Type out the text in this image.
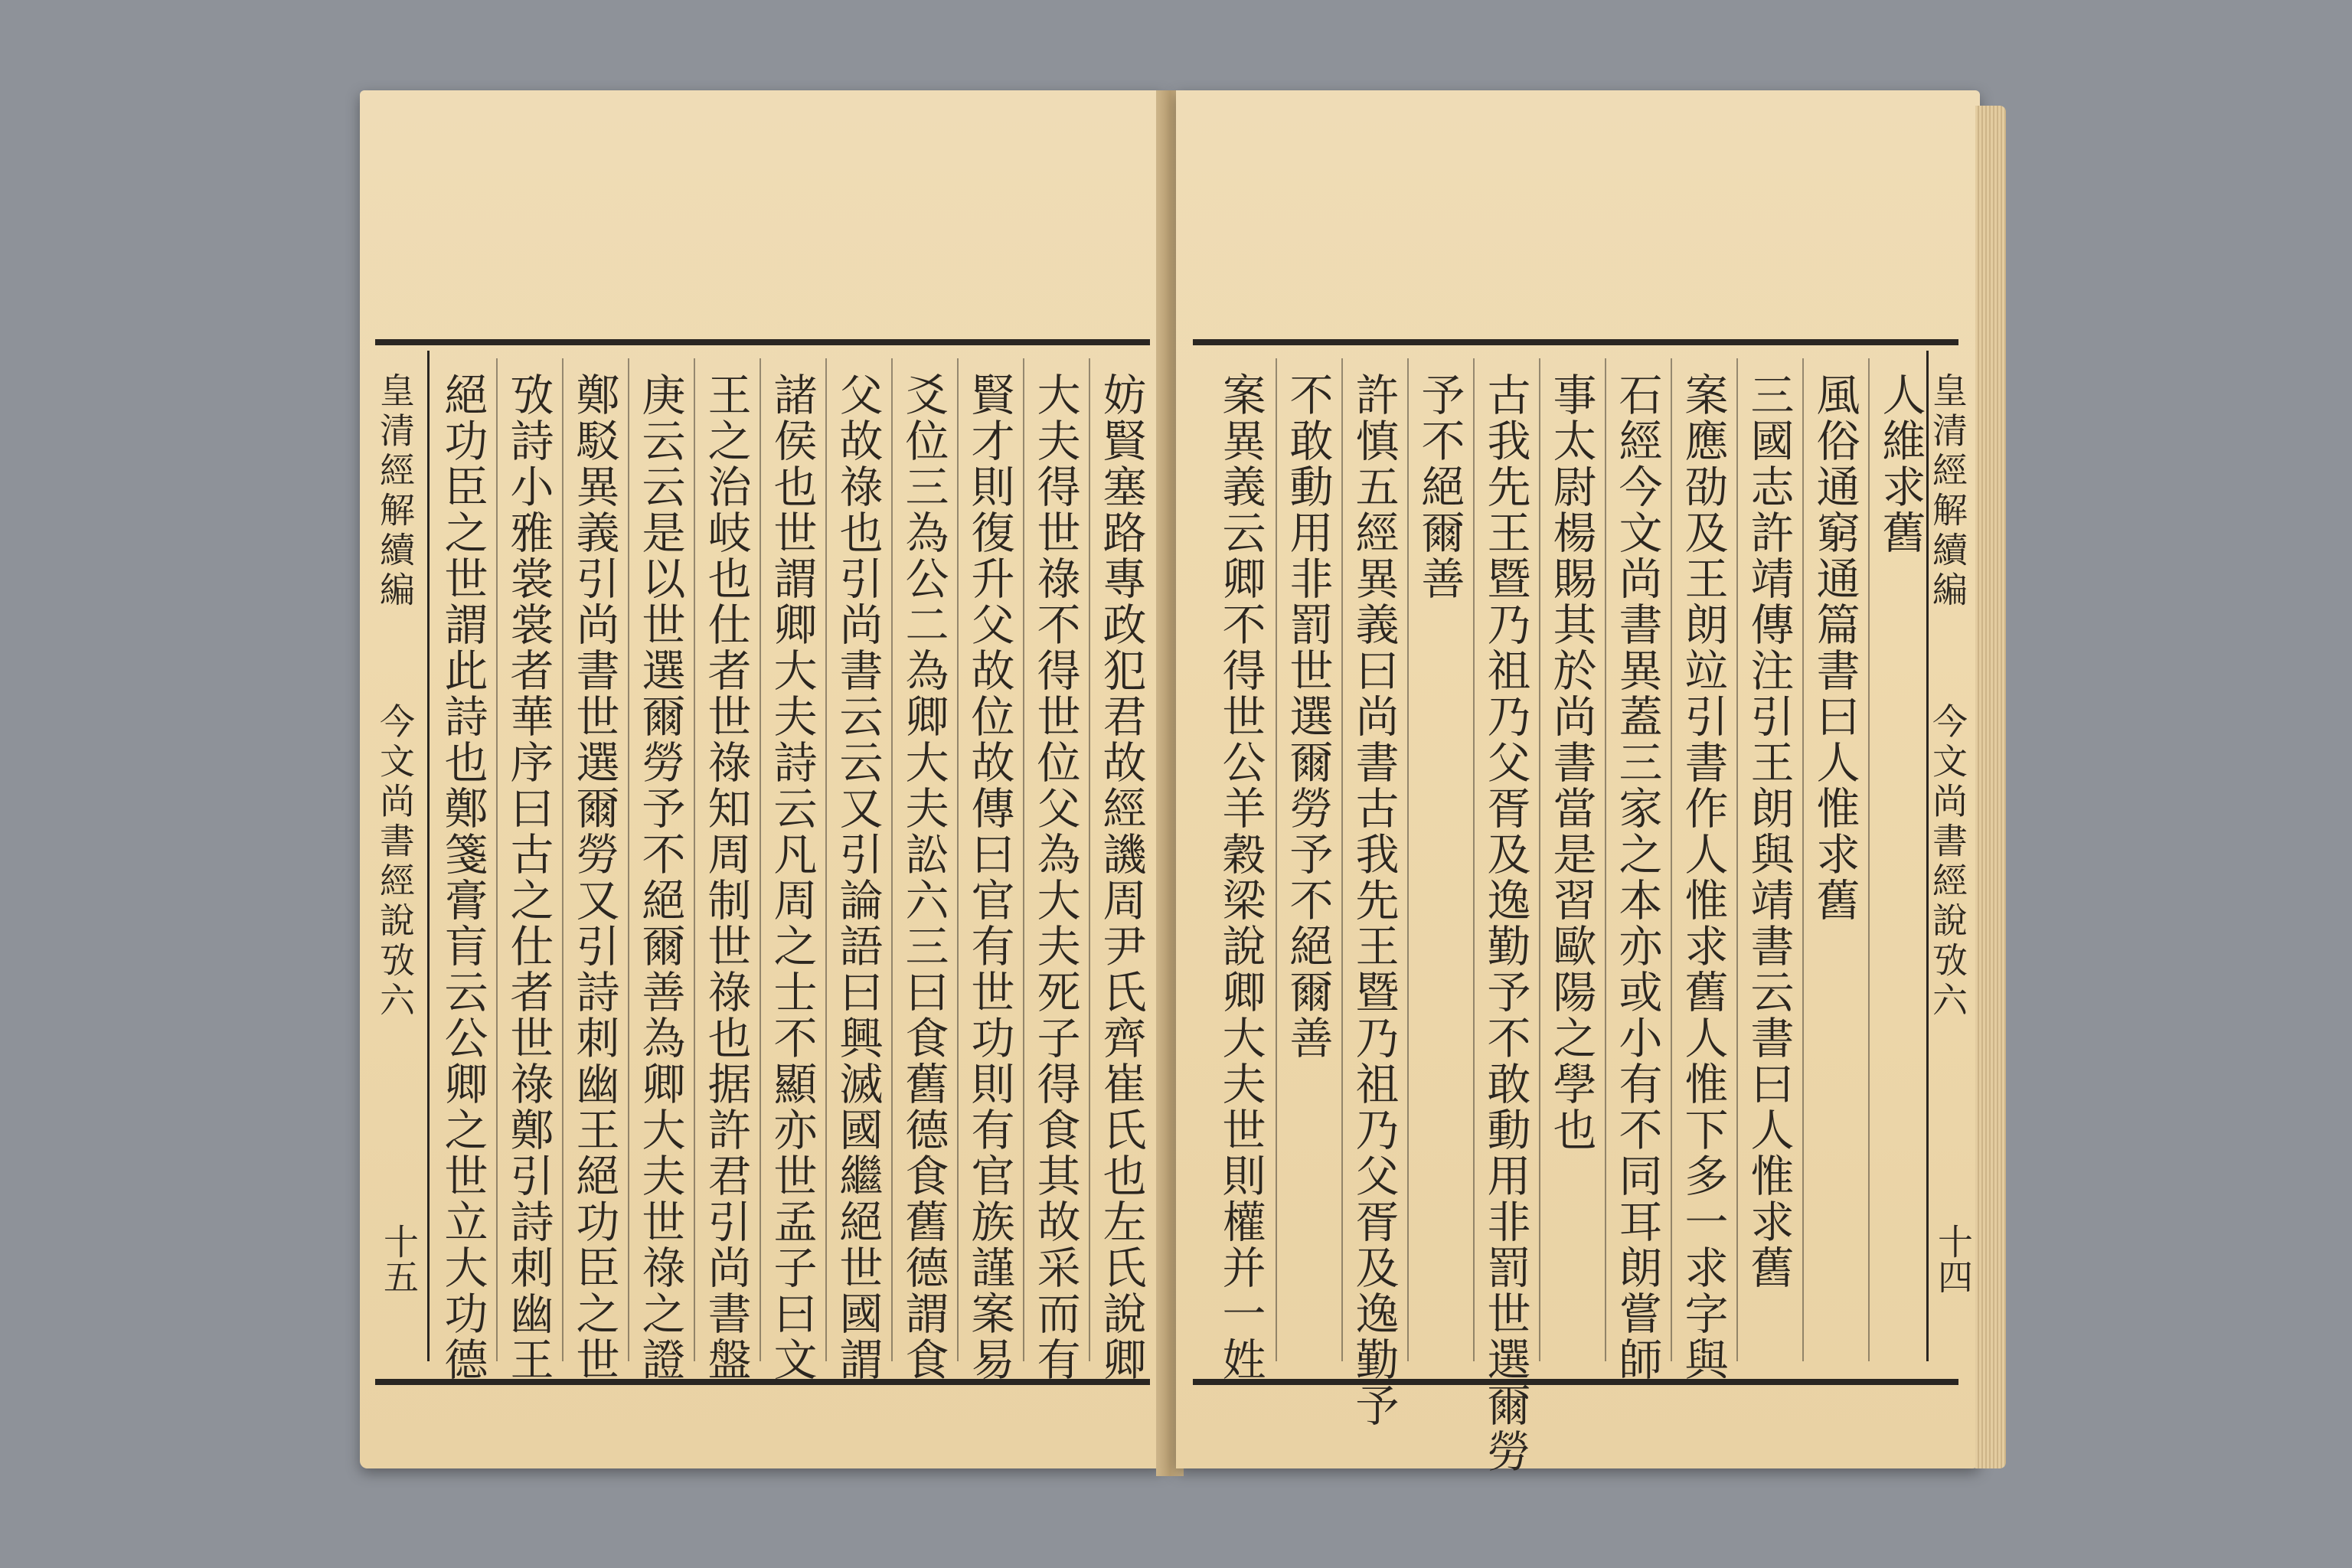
皇清經解續編
今文尚書經說攷六
十五 絕功臣之世謂此詩也鄭箋膏肓云公卿之世立大功德 攷詩小雅裳裳者華序曰古之仕者世祿鄭引詩刺幽王 鄭駁異義引尚書世選爾勞又引詩刺幽王絕功臣之世 庚云云是以世選爾勞予不絕爾善為卿大夫世祿之證 王之治岐也仕者世祿知周制世祿也据許君引尚書盤 諸侯也世謂卿大夫詩云凡周之士不顯亦世孟子曰文 父故祿也引尚書云云又引論語曰興滅國繼絕世國謂 爻位三為公二為卿大夫訟六三曰食舊德食舊德謂食 賢才則復升父故位故傳曰官有世功則有官族謹案易 大夫得世祿不得世位父為大夫死子得食其故采而有 妨賢塞路專政犯君故經譏周尹氏齊崔氏也左氏說卿 案異義云卿不得世公羊穀梁說卿大夫世則權并一姓 不敢動用非罰世選爾勞予不絕爾善 許慎五經異義曰尚書古我先王暨乃祖乃父胥及逸勤予 予不絕爾善 古我先王暨乃祖乃父胥及逸勤予不敢動用非罰世選爾勞 事太尉楊賜其於尚書當是習歐陽之學也 石經今文尚書異蓋三家之本亦或小有不同耳朗嘗師 案應劭及王朗竝引書作人惟求舊人惟下多一求字與 三國志許靖傳注引王朗與靖書云書曰人惟求舊 風俗通窮通篇書曰人惟求舊 人維求舊 皇清經解續編
今文尚書經說攷六
十四
